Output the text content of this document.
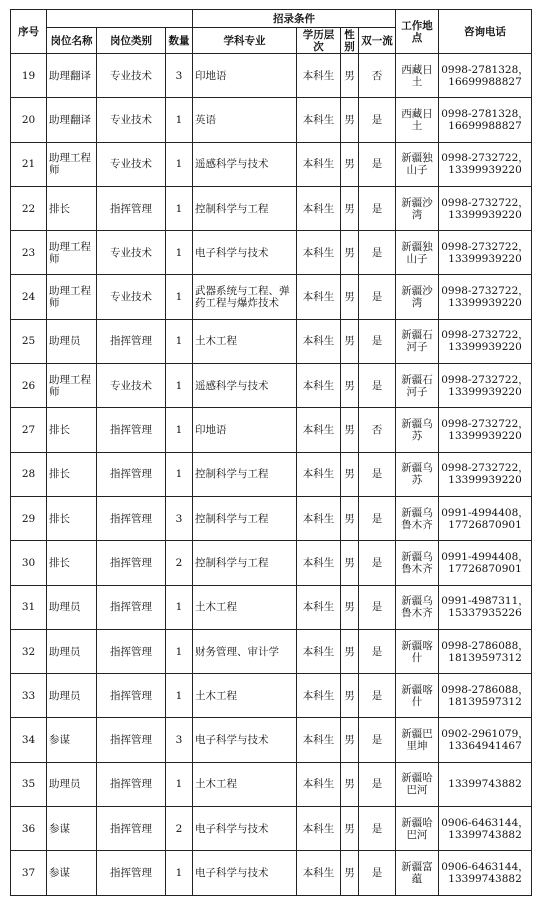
序号				招录条件				工作地点	咨询电话
	岗位名称	岗位类别	数量	学科专业	学历层次	性别	双一流		
19	助理翻译	专业技术	3	印地语	本科生	男	否	西藏日土	0998-2781328，16699988827
20	助理翻译	专业技术	1	英语	本科生	男	是	西藏日土	0998-2781328，16699988827
21	助理工程师	专业技术	1	遥感科学与技术	本科生	男	是	新疆独山子	0998-2732722，13399939220
22	排长	指挥管理	1	控制科学与工程	本科生	男	是	新疆沙湾	0998-2732722，13399939220
23	助理工程师	专业技术	1	电子科学与技术	本科生	男	是	新疆独山子	0998-2732722，13399939220
24	助理工程师	专业技术	1	武器系统与工程、弹药工程与爆炸技术	本科生	男	是	新疆沙湾	0998-2732722，13399939220
25	助理员	指挥管理	1	土木工程	本科生	男	是	新疆石河子	0998-2732722，13399939220
26	助理工程师	专业技术	1	遥感科学与技术	本科生	男	是	新疆石河子	0998-2732722，13399939220
27	排长	指挥管理	1	印地语	本科生	男	否	新疆乌苏	0998-2732722，13399939220
28	排长	指挥管理	1	控制科学与工程	本科生	男	是	新疆乌苏	0998-2732722，13399939220
29	排长	指挥管理	3	控制科学与工程	本科生	男	是	新疆乌鲁木齐	0991-4994408，17726870901
30	排长	指挥管理	2	控制科学与工程	本科生	男	是	新疆乌鲁木齐	0991-4994408，17726870901
31	助理员	指挥管理	1	土木工程	本科生	男	是	新疆乌鲁木齐	0991-4987311，15337935226
32	助理员	指挥管理	1	财务管理、审计学	本科生	男	是	新疆喀什	0998-2786088，18139597312
33	助理员	指挥管理	1	土木工程	本科生	男	是	新疆喀什	0998-2786088，18139597312
34	参谋	指挥管理	3	电子科学与技术	本科生	男	是	新疆巴里坤	0902-2961079，13364941467
35	助理员	指挥管理	1	土木工程	本科生	男	是	新疆哈巴河	13399743882
36	参谋	指挥管理	2	电子科学与技术	本科生	男	是	新疆哈巴河	0906-6463144，13399743882
37	参谋	指挥管理	1	电子科学与技术	本科生	男	是	新疆富蕴	0906-6463144，13399743882
